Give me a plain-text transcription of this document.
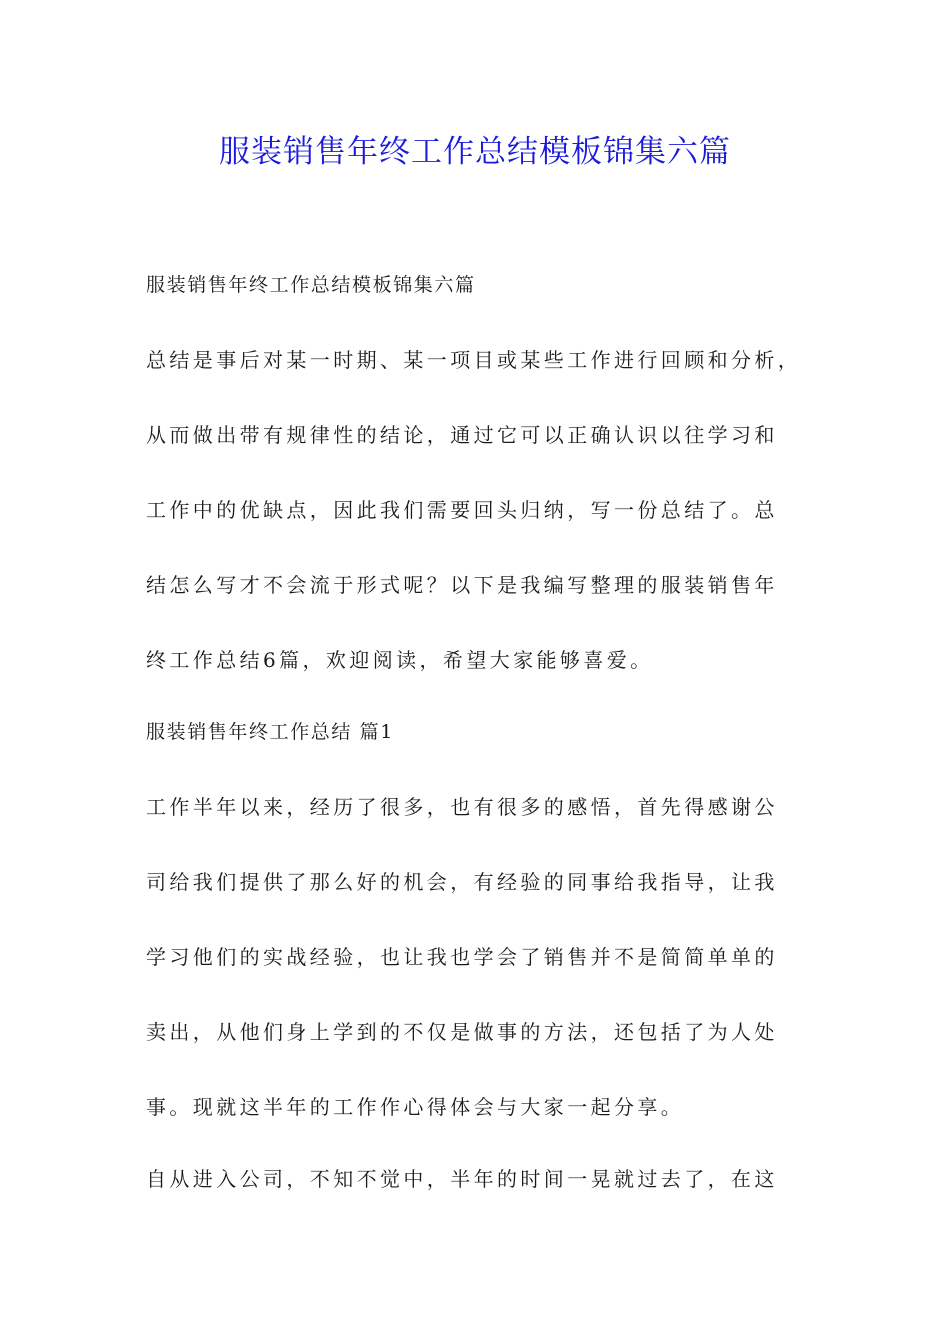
服装销售年终工作总结模板锦集六篇
服装销售年终工作总结模板锦集六篇
总结是事后对某一时期、某一项目或某些工作进行回顾和分析，
从而做出带有规律性的结论，通过它可以正确认识以往学习和
工作中的优缺点，因此我们需要回头归纳，写一份总结了。总
结怎么写才不会流于形式呢？以下是我编写整理的服装销售年
终工作总结6篇，欢迎阅读，希望大家能够喜爱。
服装销售年终工作总结 篇1
工作半年以来，经历了很多，也有很多的感悟，首先得感谢公
司给我们提供了那么好的机会，有经验的同事给我指导，让我
学习他们的实战经验，也让我也学会了销售并不是简简单单的
卖出，从他们身上学到的不仅是做事的方法，还包括了为人处
事。现就这半年的工作作心得体会与大家一起分享。
自从进入公司，不知不觉中，半年的时间一晃就过去了，在这
